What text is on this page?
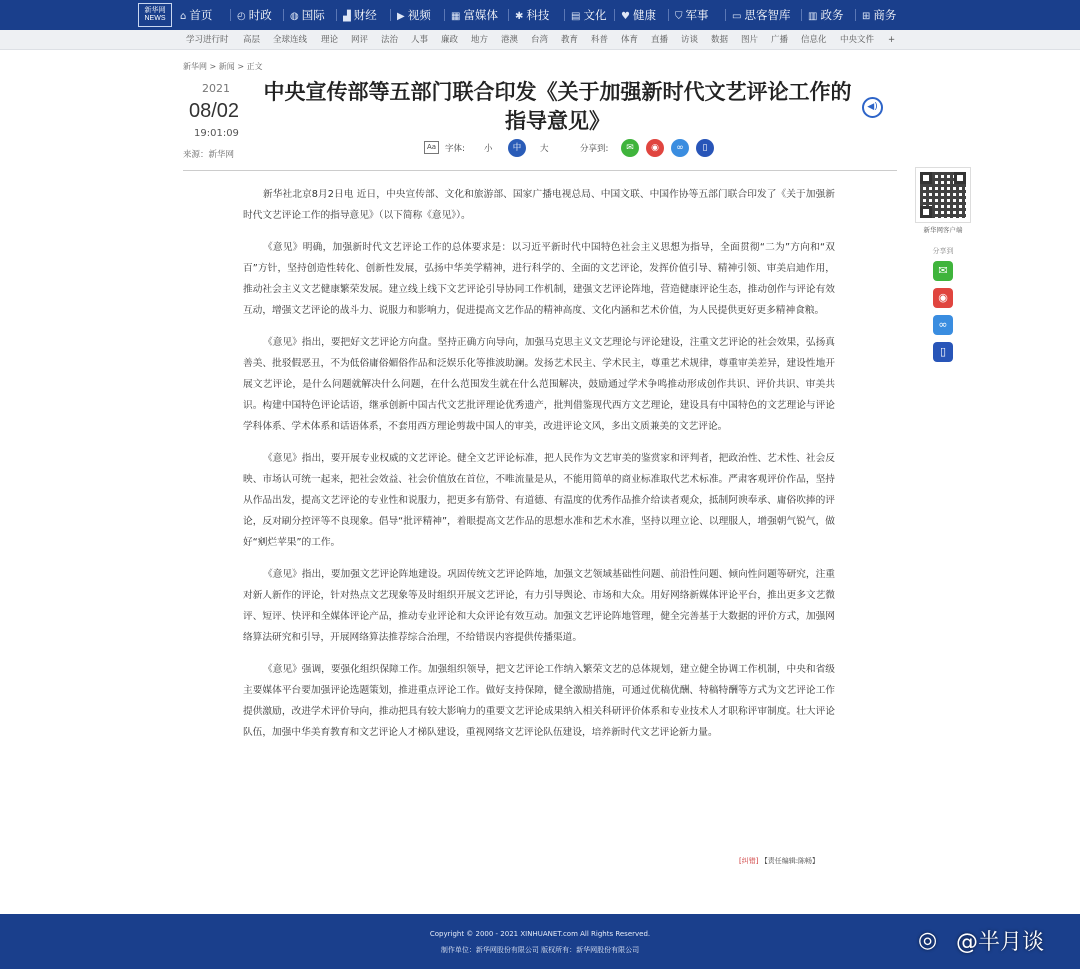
新华网
NEWS	⌂ 首页 ◴ 时政 ◍ 国际 ▟ 财经 ▶ 视频 ▦ 富媒体 ✱ 科技 ▤ 文化 ♥ 健康 ⛉ 军事 ▭ 思客智库 ▥ 政务 ⊞ 商务
学习进行时 高层 全球连线 理论 网评 法治 人事 廉政 地方 港澳 台湾 教育 科普 体育 直播 访谈 数据 图片 广播 信息化 中央文件 +
新华网 > 新闻 > 正文
2021
08/02
19:01:09
来源：新华网
中央宣传部等五部门联合印发《关于加强新时代文艺评论工作的指导意见》
◀)
Aa	字体: 小	中	大	分享到:	✉	◉	∞	▯

新华社北京8月2日电 近日，中央宣传部、文化和旅游部、国家广播电视总局、中国文联、中国作协等五部门联合印发了《关于加强新时代文艺评论工作的指导意见》（以下简称《意见》）。

《意见》明确，加强新时代文艺评论工作的总体要求是：以习近平新时代中国特色社会主义思想为指导，全面贯彻“二为”方向和“双百”方针，坚持创造性转化、创新性发展，弘扬中华美学精神，进行科学的、全面的文艺评论，发挥价值引导、精神引领、审美启迪作用，推动社会主义文艺健康繁荣发展。建立线上线下文艺评论引导协同工作机制，建强文艺评论阵地，营造健康评论生态，推动创作与评论有效互动，增强文艺评论的战斗力、说服力和影响力，促进提高文艺作品的精神高度、文化内涵和艺术价值，为人民提供更好更多精神食粮。

《意见》指出，要把好文艺评论方向盘。坚持正确方向导向，加强马克思主义文艺理论与评论建设，注重文艺评论的社会效果，弘扬真善美、批驳假恶丑，不为低俗庸俗媚俗作品和泛娱乐化等推波助澜。发扬艺术民主、学术民主，尊重艺术规律，尊重审美差异，建设性地开展文艺评论，是什么问题就解决什么问题，在什么范围发生就在什么范围解决，鼓励通过学术争鸣推动形成创作共识、评价共识、审美共识。构建中国特色评论话语，继承创新中国古代文艺批评理论优秀遗产，批判借鉴现代西方文艺理论，建设具有中国特色的文艺理论与评论学科体系、学术体系和话语体系，不套用西方理论剪裁中国人的审美，改进评论文风，多出文质兼美的文艺评论。

《意见》指出，要开展专业权威的文艺评论。健全文艺评论标准，把人民作为文艺审美的鉴赏家和评判者，把政治性、艺术性、社会反映、市场认可统一起来，把社会效益、社会价值放在首位，不唯流量是从，不能用简单的商业标准取代艺术标准。严肃客观评价作品，坚持从作品出发，提高文艺评论的专业性和说服力，把更多有筋骨、有道德、有温度的优秀作品推介给读者观众，抵制阿谀奉承、庸俗吹捧的评论，反对刷分控评等不良现象。倡导“批评精神”，着眼提高文艺作品的思想水准和艺术水准，坚持以理立论、以理服人，增强朝气锐气，做好“剜烂苹果”的工作。

《意见》指出，要加强文艺评论阵地建设。巩固传统文艺评论阵地，加强文艺领域基础性问题、前沿性问题、倾向性问题等研究，注重对新人新作的评论，针对热点文艺现象等及时组织开展文艺评论，有力引导舆论、市场和大众。用好网络新媒体评论平台，推出更多文艺微评、短评、快评和全媒体评论产品，推动专业评论和大众评论有效互动。加强文艺评论阵地管理，健全完善基于大数据的评价方式，加强网络算法研究和引导，开展网络算法推荐综合治理，不给错误内容提供传播渠道。

《意见》强调，要强化组织保障工作。加强组织领导，把文艺评论工作纳入繁荣文艺的总体规划，建立健全协调工作机制，中央和省级主要媒体平台要加强评论选题策划，推进重点评论工作。做好支持保障，健全激励措施，可通过优稿优酬、特稿特酬等方式为文艺评论工作提供激励，改进学术评价导向，推动把具有较大影响力的重要文艺评论成果纳入相关科研评价体系和专业技术人才职称评审制度。壮大评论队伍，加强中华美育教育和文艺评论人才梯队建设，重视网络文艺评论队伍建设，培养新时代文艺评论新力量。

[纠错] 【责任编辑:陈畅】
新华网客户端
分享到
✉
◉
∞
▯
Copyright © 2000 - 2021 XINHUANET.com All Rights Reserved.
制作单位：新华网股份有限公司 版权所有：新华网股份有限公司	◎ @半月谈
